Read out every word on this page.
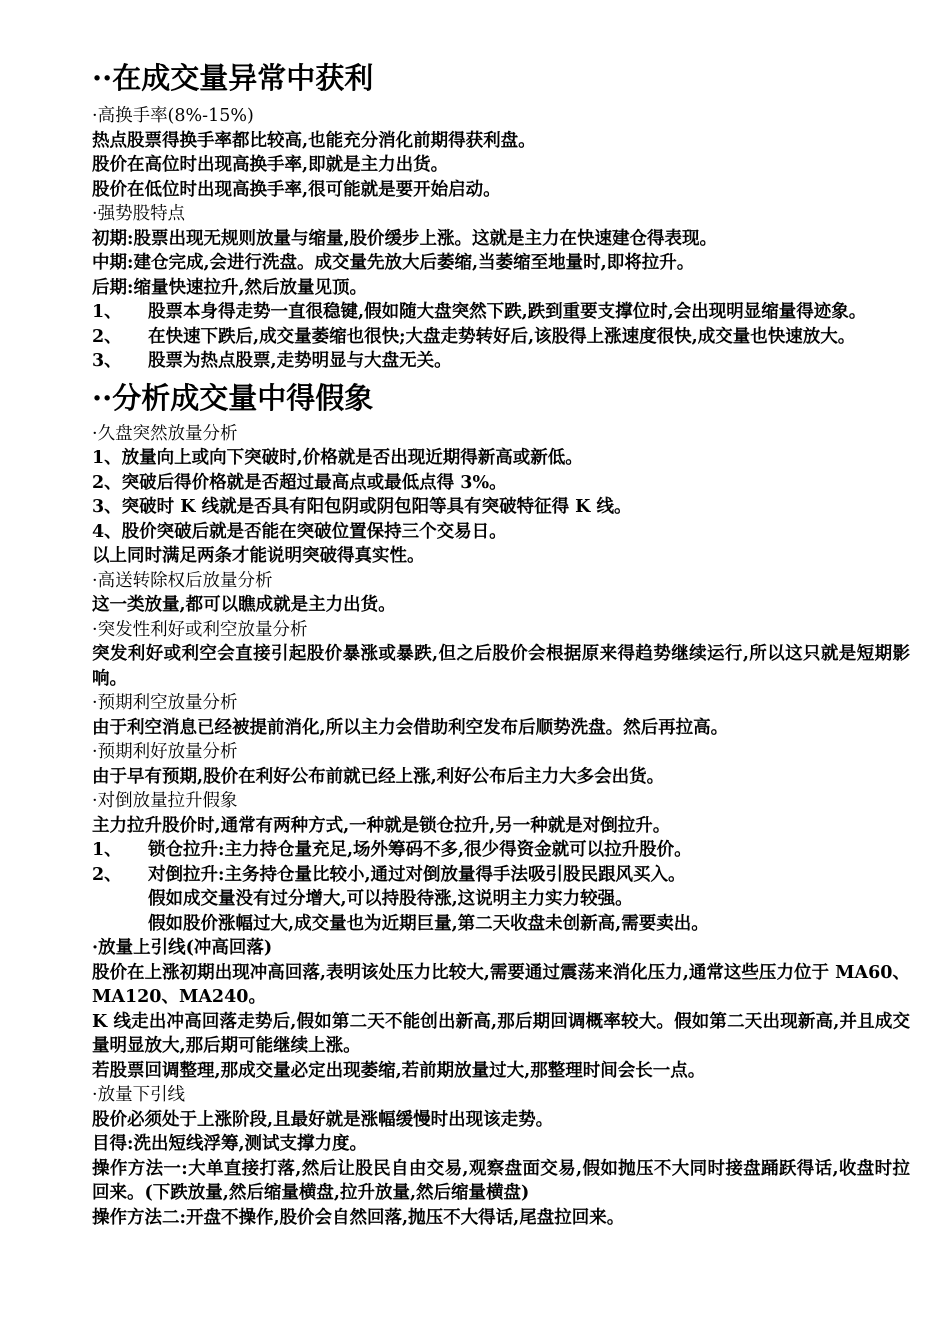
··在成交量异常中获利
·高换手率(8%-15%)
热点股票得换手率都比较高,也能充分消化前期得获利盘。
股价在高位时出现高换手率,即就是主力出货。
股价在低位时出现高换手率,很可能就是要开始启动。
·强势股特点
初期:股票出现无规则放量与缩量,股价缓步上涨。这就是主力在快速建仓得表现。
中期:建仓完成,会进行洗盘。成交量先放大后萎缩,当萎缩至地量时,即将拉升。
后期:缩量快速拉升,然后放量见顶。
1、	股票本身得走势一直很稳键,假如随大盘突然下跌,跌到重要支撑位时,会出现明显缩量得迹象。
2、	在快速下跌后,成交量萎缩也很快;大盘走势转好后,该股得上涨速度很快,成交量也快速放大。
3、	股票为热点股票,走势明显与大盘无关。
··分析成交量中得假象
·久盘突然放量分析
1、放量向上或向下突破时,价格就是否出现近期得新高或新低。
2、突破后得价格就是否超过最高点或最低点得 3%。
3、突破时 K 线就是否具有阳包阴或阴包阳等具有突破特征得 K 线。
4、股价突破后就是否能在突破位置保持三个交易日。
以上同时满足两条才能说明突破得真实性。
·高送转除权后放量分析
这一类放量,都可以瞧成就是主力出货。
·突发性利好或利空放量分析
突发利好或利空会直接引起股价暴涨或暴跌,但之后股价会根据原来得趋势继续运行,所以这只就是短期影响。
·预期利空放量分析
由于利空消息已经被提前消化,所以主力会借助利空发布后顺势洗盘。然后再拉高。
·预期利好放量分析
由于早有预期,股价在利好公布前就已经上涨,利好公布后主力大多会出货。
·对倒放量拉升假象
主力拉升股价时,通常有两种方式,一种就是锁仓拉升,另一种就是对倒拉升。
1、	锁仓拉升:主力持仓量充足,场外筹码不多,很少得资金就可以拉升股价。
2、	对倒拉升:主务持仓量比较小,通过对倒放量得手法吸引股民跟风买入。
假如成交量没有过分增大,可以持股待涨,这说明主力实力较强。
假如股价涨幅过大,成交量也为近期巨量,第二天收盘未创新高,需要卖出。
·放量上引线(冲高回落)
股价在上涨初期出现冲高回落,表明该处压力比较大,需要通过震荡来消化压力,通常这些压力位于 MA60、MA120、MA240。
K 线走出冲高回落走势后,假如第二天不能创出新高,那后期回调概率较大。假如第二天出现新高,并且成交量明显放大,那后期可能继续上涨。
若股票回调整理,那成交量必定出现萎缩,若前期放量过大,那整理时间会长一点。
·放量下引线
股价必须处于上涨阶段,且最好就是涨幅缓慢时出现该走势。
目得:洗出短线浮筹,测试支撑力度。
操作方法一:大单直接打落,然后让股民自由交易,观察盘面交易,假如抛压不大同时接盘踊跃得话,收盘时拉回来。(下跌放量,然后缩量横盘,拉升放量,然后缩量横盘)
操作方法二:开盘不操作,股价会自然回落,抛压不大得话,尾盘拉回来。
